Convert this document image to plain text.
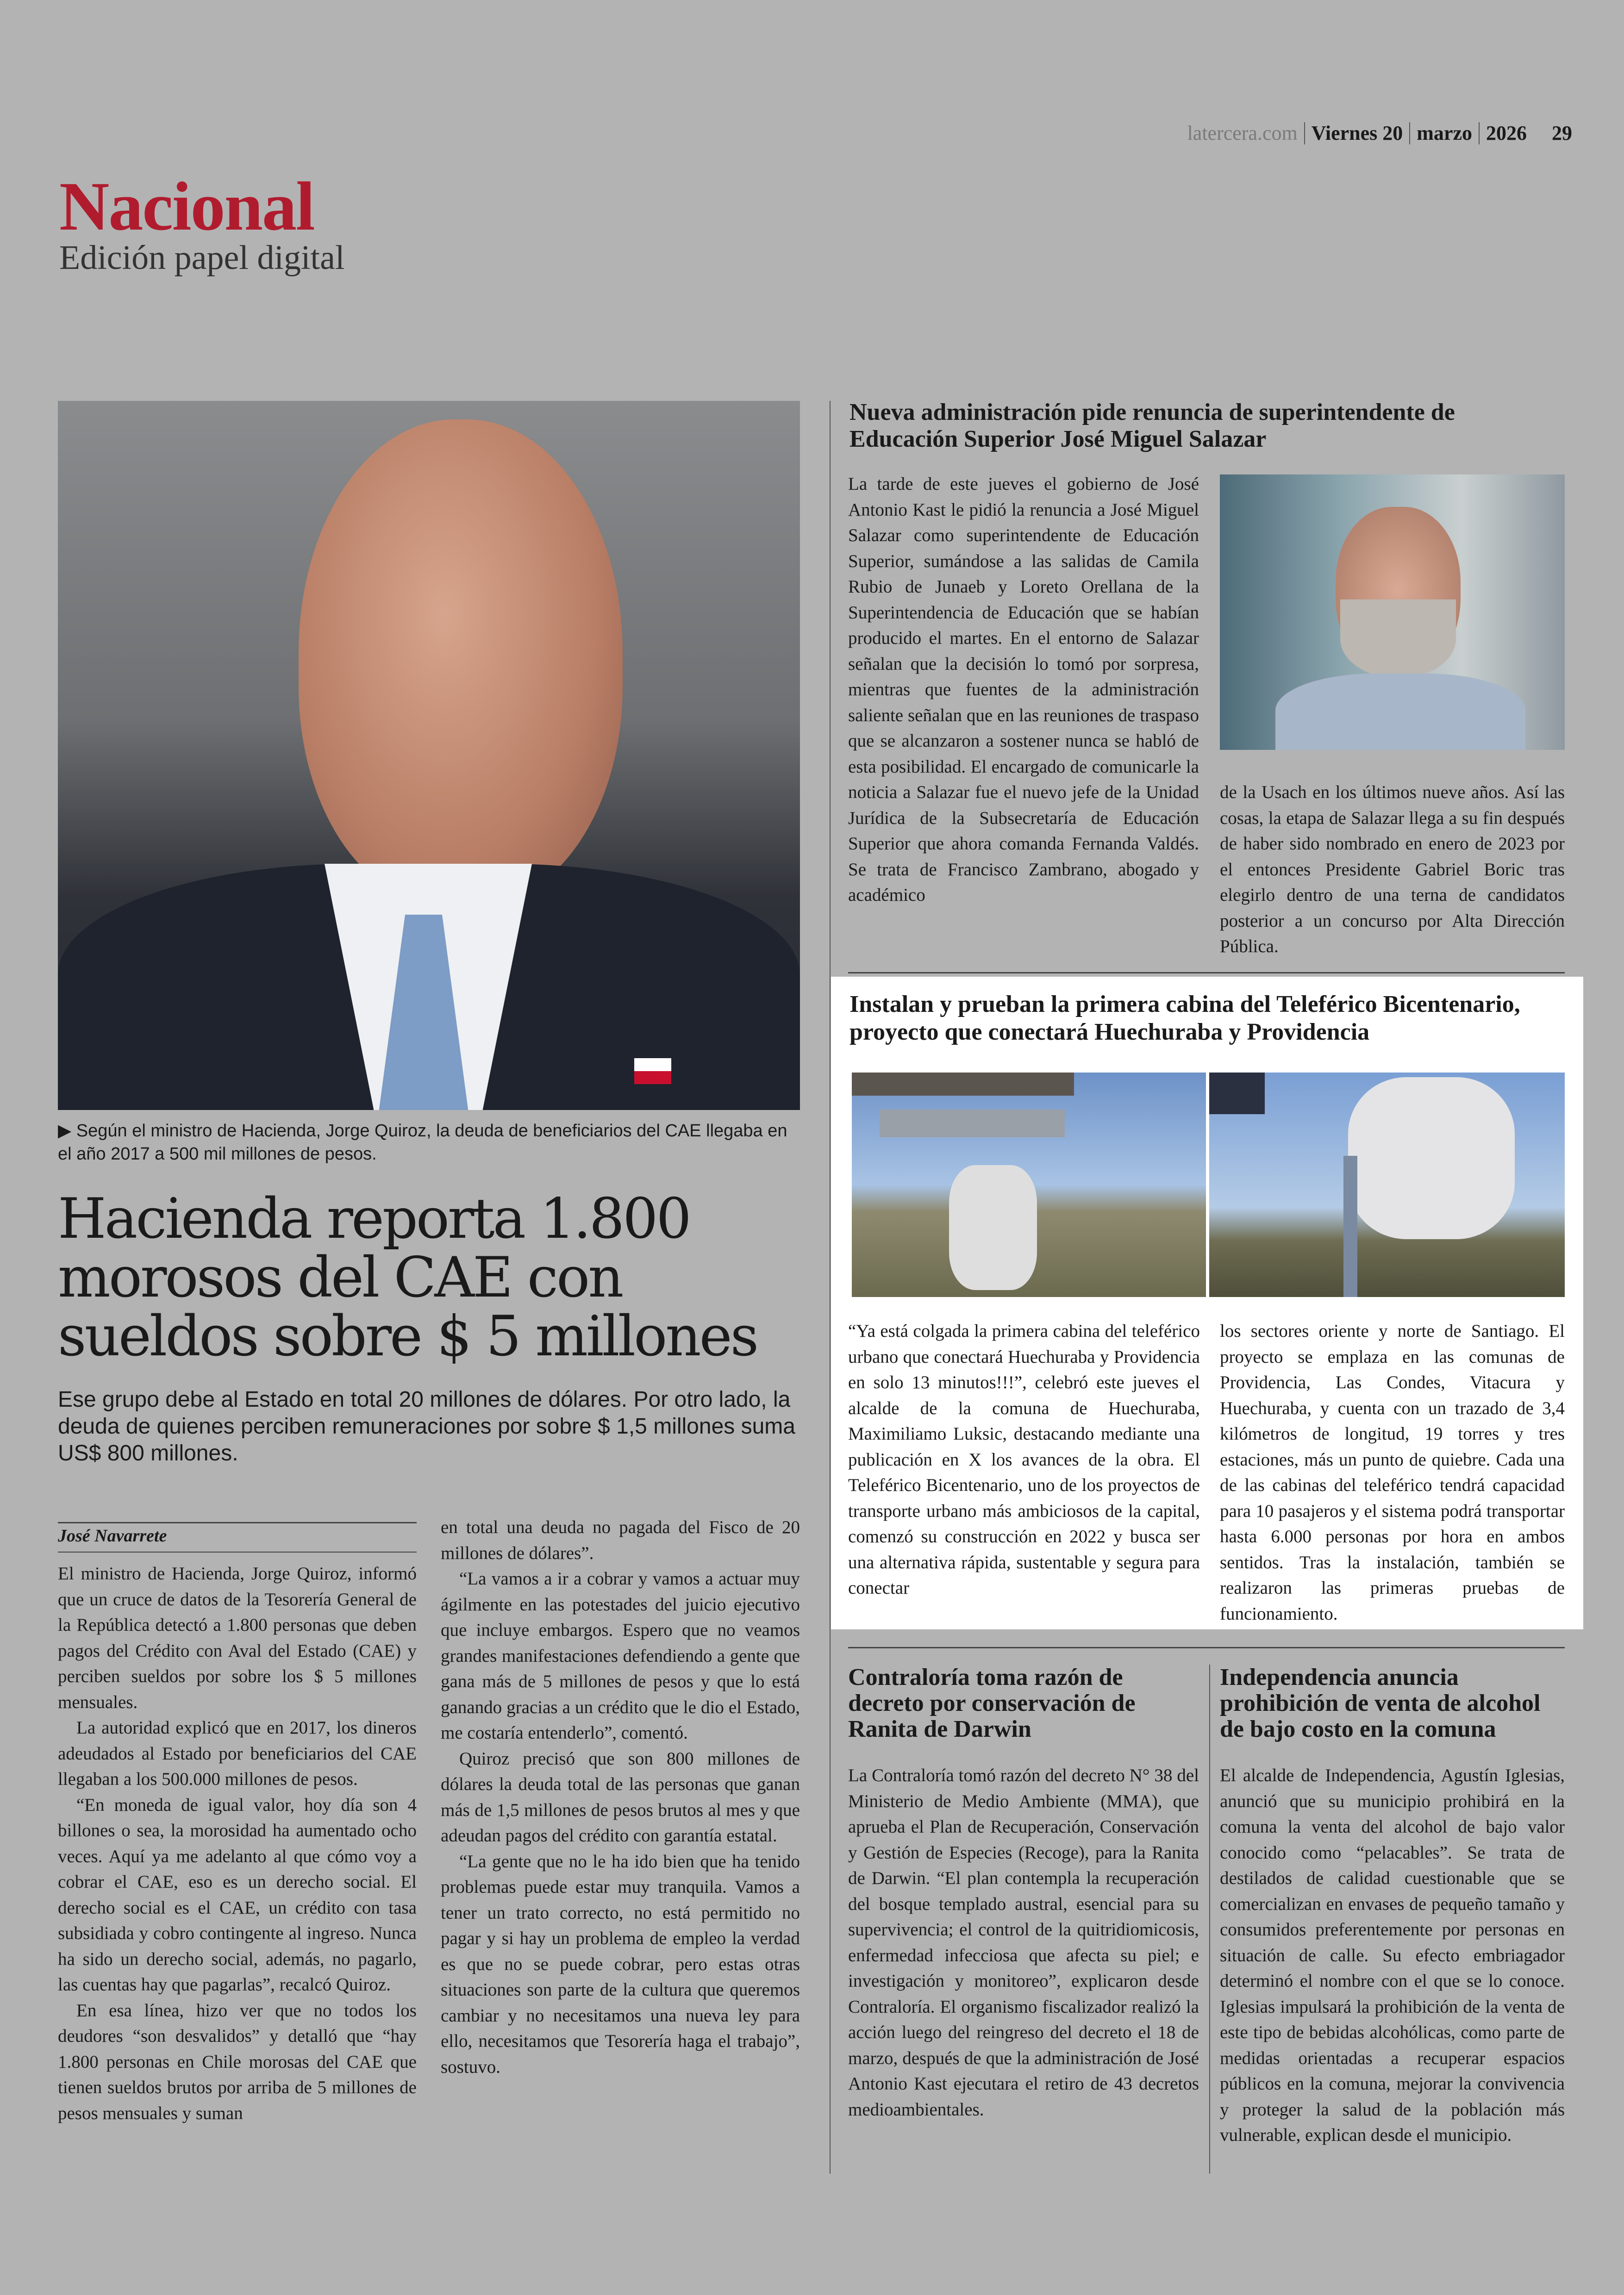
latercera.com Viernes 20 marzo 2026 29
Nacional
Edición papel digital
▶ Según el ministro de Hacienda, Jorge Quiroz, la deuda de beneficiarios del CAE llegaba en el año 2017 a 500 mil millones de pesos.
Hacienda reporta 1.800 morosos del CAE con sueldos sobre $ 5 millones
Ese grupo debe al Estado en total 20 millones de dólares. Por otro lado, la deuda de quienes perciben remuneraciones por sobre $ 1,5 millones suma US$ 800 millones.
José Navarrete

El ministro de Hacienda, Jorge Quiroz, informó que un cruce de datos de la Tesorería General de la República detectó a 1.800 personas que deben pagos del Crédito con Aval del Estado (CAE) y perciben sueldos por sobre los $ 5 millones mensuales.

La autoridad explicó que en 2017, los dineros adeudados al Estado por beneficiarios del CAE llegaban a los 500.000 millones de pesos.

“En moneda de igual valor, hoy día son 4 billones o sea, la morosidad ha aumentado ocho veces. Aquí ya me adelanto al que cómo voy a cobrar el CAE, eso es un derecho social. El derecho social es el CAE, un crédito con tasa subsidiada y cobro contingente al ingreso. Nunca ha sido un derecho social, además, no pagarlo, las cuentas hay que pagarlas”, recalcó Quiroz.

En esa línea, hizo ver que no todos los deudores “son desvalidos” y detalló que “hay 1.800 personas en Chile morosas del CAE que tienen sueldos brutos por arriba de 5 millones de pesos mensuales y suman

en total una deuda no pagada del Fisco de 20 millones de dólares”.

“La vamos a ir a cobrar y vamos a actuar muy ágilmente en las potestades del juicio ejecutivo que incluye embargos. Espero que no veamos grandes manifestaciones defendiendo a gente que gana más de 5 millones de pesos y que lo está ganando gracias a un crédito que le dio el Estado, me costaría entenderlo”, comentó.

Quiroz precisó que son 800 millones de dólares la deuda total de las personas que ganan más de 1,5 millones de pesos brutos al mes y que adeudan pagos del crédito con garantía estatal.

“La gente que no le ha ido bien que ha tenido problemas puede estar muy tranquila. Vamos a tener un trato correcto, no está permitido no pagar y si hay un problema de empleo la verdad es que no se puede cobrar, pero estas otras situaciones son parte de la cultura que queremos cambiar y no necesitamos una nueva ley para ello, necesitamos que Tesorería haga el trabajo”, sostuvo.

Nueva administración pide renuncia de superintendente de Educación Superior José Miguel Salazar
La tarde de este jueves el gobierno de José Antonio Kast le pidió la renuncia a José Miguel Salazar como superintendente de Educación Superior, sumándose a las salidas de Camila Rubio de Junaeb y Loreto Orellana de la Superintendencia de Educación que se habían producido el martes. En el entorno de Salazar señalan que la decisión lo tomó por sorpresa, mientras que fuentes de la administración saliente señalan que en las reuniones de traspaso que se alcanzaron a sostener nunca se habló de esta posibilidad. El encargado de comunicarle la noticia a Salazar fue el nuevo jefe de la Unidad Jurídica de la Subsecretaría de Educación Superior que ahora comanda Fernanda Valdés. Se trata de Francisco Zambrano, abogado y académico
de la Usach en los últimos nueve años. Así las cosas, la etapa de Salazar llega a su fin después de haber sido nombrado en enero de 2023 por el entonces Presidente Gabriel Boric tras elegirlo dentro de una terna de candidatos posterior a un concurso por Alta Dirección Pública.
Instalan y prueban la primera cabina del Teleférico Bicentenario, proyecto que conectará Huechuraba y Providencia
“Ya está colgada la primera cabina del teleférico urbano que conectará Huechuraba y Providencia en solo 13 minutos!!!”, celebró este jueves el alcalde de la comuna de Huechuraba, Maximiliamo Luksic, destacando mediante una publicación en X los avances de la obra. El Teleférico Bicentenario, uno de los proyectos de transporte urbano más ambiciosos de la capital, comenzó su construcción en 2022 y busca ser una alternativa rápida, sustentable y segura para conectar
los sectores oriente y norte de Santiago. El proyecto se emplaza en las comunas de Providencia, Las Condes, Vitacura y Huechuraba, y cuenta con un trazado de 3,4 kilómetros de longitud, 19 torres y tres estaciones, más un punto de quiebre. Cada una de las cabinas del teleférico tendrá capacidad para 10 pasajeros y el sistema podrá transportar hasta 6.000 personas por hora en ambos sentidos. Tras la instalación, también se realizaron las primeras pruebas de funcionamiento.
Contraloría toma razón de decreto por conservación de Ranita de Darwin
La Contraloría tomó razón del decreto N° 38 del Ministerio de Medio Ambiente (MMA), que aprueba el Plan de Recuperación, Conservación y Gestión de Especies (Recoge), para la Ranita de Darwin. “El plan contempla la recuperación del bosque templado austral, esencial para su supervivencia; el control de la quitridiomicosis, enfermedad infecciosa que afecta su piel; e investigación y monitoreo”, explicaron desde Contraloría. El organismo fiscalizador realizó la acción luego del reingreso del decreto el 18 de marzo, después de que la administración de José Antonio Kast ejecutara el retiro de 43 decretos medioambientales.
Independencia anuncia prohibición de venta de alcohol de bajo costo en la comuna
El alcalde de Independencia, Agustín Iglesias, anunció que su municipio prohibirá en la comuna la venta del alcohol de bajo valor conocido como “pelacables”. Se trata de destilados de calidad cuestionable que se comercializan en envases de pequeño tamaño y consumidos preferentemente por personas en situación de calle. Su efecto embriagador determinó el nombre con el que se lo conoce. Iglesias impulsará la prohibición de la venta de este tipo de bebidas alcohólicas, como parte de medidas orientadas a recuperar espacios públicos en la comuna, mejorar la convivencia y proteger la salud de la población más vulnerable, explican desde el municipio.
